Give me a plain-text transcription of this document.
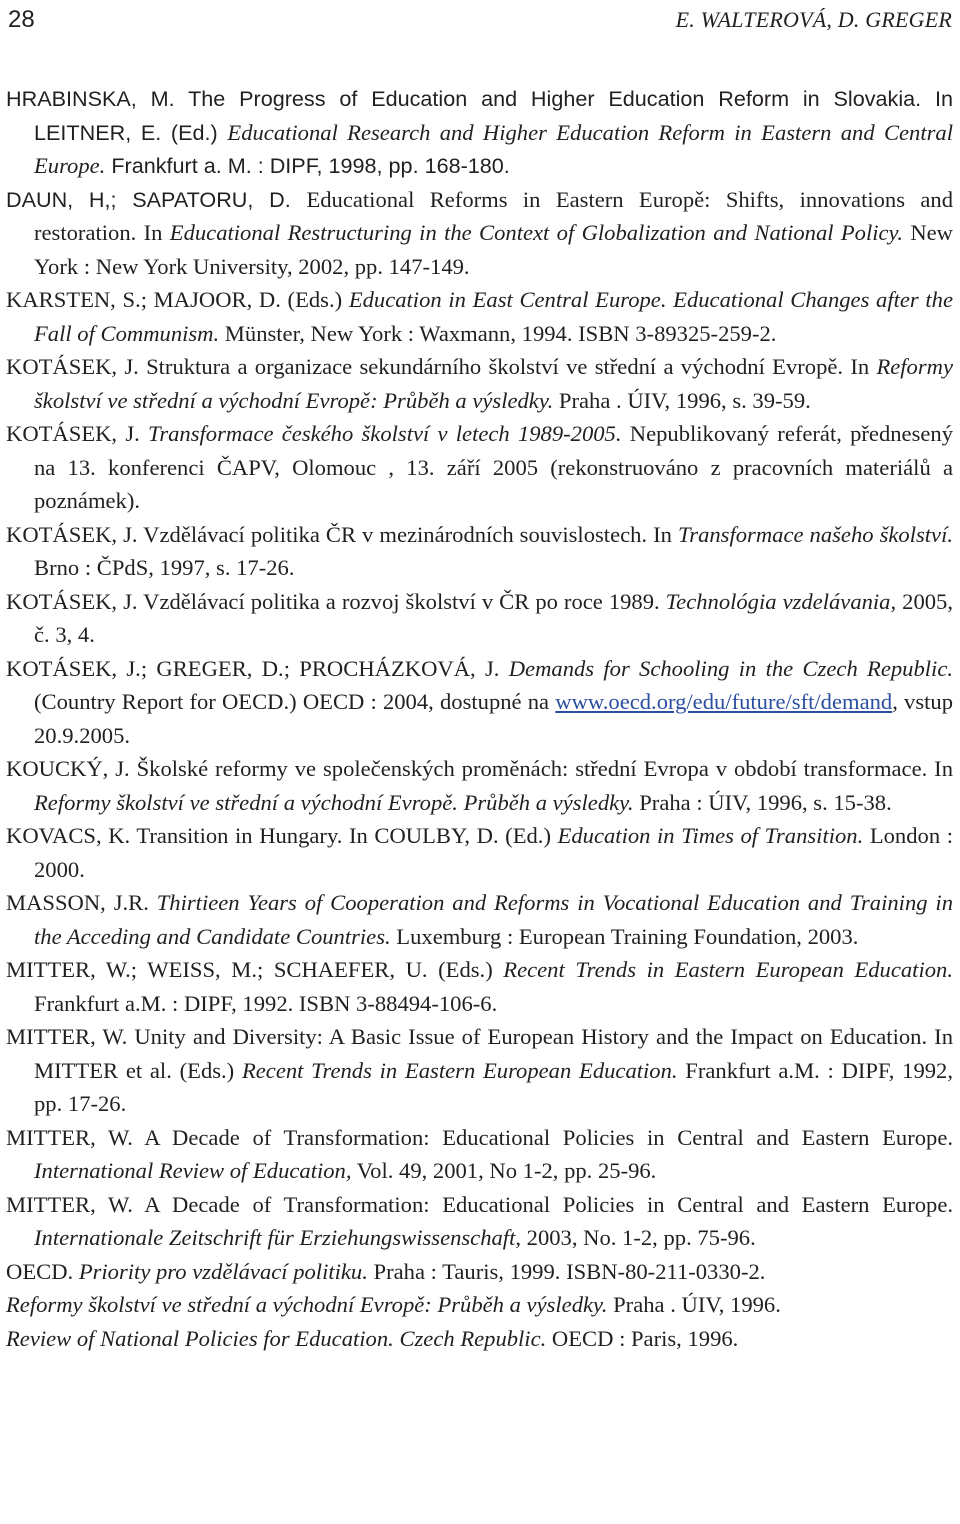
28	E. WALTEROVÁ, D. GREGER

HRABINSKA, M. The Progress of Education and Higher Education Reform in Slovakia. In LEITNER, E. (Ed.) Educational Research and Higher Education Reform in Eastern and Central Europe. Frankfurt a. M. : DIPF, 1998, pp. 168-180.

DAUN, H,; SAPATORU, D. Educational Reforms in Eastern Europě: Shifts, innovations and restoration. In Educational Restructuring in the Context of Globalization and National Policy. New York : New York University, 2002, pp. 147-149.

KARSTEN, S.; MAJOOR, D. (Eds.) Education in East Central Europe. Educational Changes after the Fall of Communism. Münster, New York : Waxmann, 1994. ISBN 3-89325-259-2.

KOTÁSEK, J. Struktura a organizace sekundárního školství ve střední a východní Evropě. In Reformy školství ve střední a východní Evropě: Průběh a výsledky. Praha . ÚIV, 1996, s. 39-59.

KOTÁSEK, J. Transformace českého školství v letech 1989-2005. Nepublikovaný referát, přednesený na 13. konferenci ČAPV, Olomouc , 13. září 2005 (rekonstruováno z pracovních materiálů a poznámek).

KOTÁSEK, J. Vzdělávací politika ČR v mezinárodních souvislostech. In Transformace našeho školství. Brno : ČPdS, 1997, s. 17-26.

KOTÁSEK, J. Vzdělávací politika a rozvoj školství v ČR po roce 1989. Technológia vzdelávania, 2005, č. 3, 4.

KOTÁSEK, J.; GREGER, D.; PROCHÁZKOVÁ, J. Demands for Schooling in the Czech Republic. (Country Report for OECD.) OECD : 2004, dostupné na www.oecd.org/edu/future/sft/demand, vstup 20.9.2005.

KOUCKÝ, J. Školské reformy ve společenských proměnách: střední Evropa v období transformace. In Reformy školství ve střední a východní Evropě. Průběh a výsledky. Praha : ÚIV, 1996, s. 15-38.

KOVACS, K. Transition in Hungary. In COULBY, D. (Ed.) Education in Times of Transition. London : 2000.

MASSON, J.R. Thirtieen Years of Cooperation and Reforms in Vocational Education and Training in the Acceding and Candidate Countries. Luxemburg : European Training Foundation, 2003.

MITTER, W.; WEISS, M.; SCHAEFER, U. (Eds.) Recent Trends in Eastern European Education. Frankfurt a.M. : DIPF, 1992. ISBN 3-88494-106-6.

MITTER, W. Unity and Diversity: A Basic Issue of European History and the Impact on Education. In MITTER et al. (Eds.) Recent Trends in Eastern European Education. Frankfurt a.M. : DIPF, 1992, pp. 17-26.

MITTER, W. A Decade of Transformation: Educational Policies in Central and Eastern Europe. International Review of Education, Vol. 49, 2001, No 1-2, pp. 25-96.

MITTER, W. A Decade of Transformation: Educational Policies in Central and Eastern Europe. Internationale Zeitschrift für Erziehungswissenschaft, 2003, No. 1-2, pp. 75-96.

OECD. Priority pro vzdělávací politiku. Praha : Tauris, 1999. ISBN-80-211-0330-2.

Reformy školství ve střední a východní Evropě: Průběh a výsledky. Praha . ÚIV, 1996.

Review of National Policies for Education. Czech Republic. OECD : Paris, 1996.
